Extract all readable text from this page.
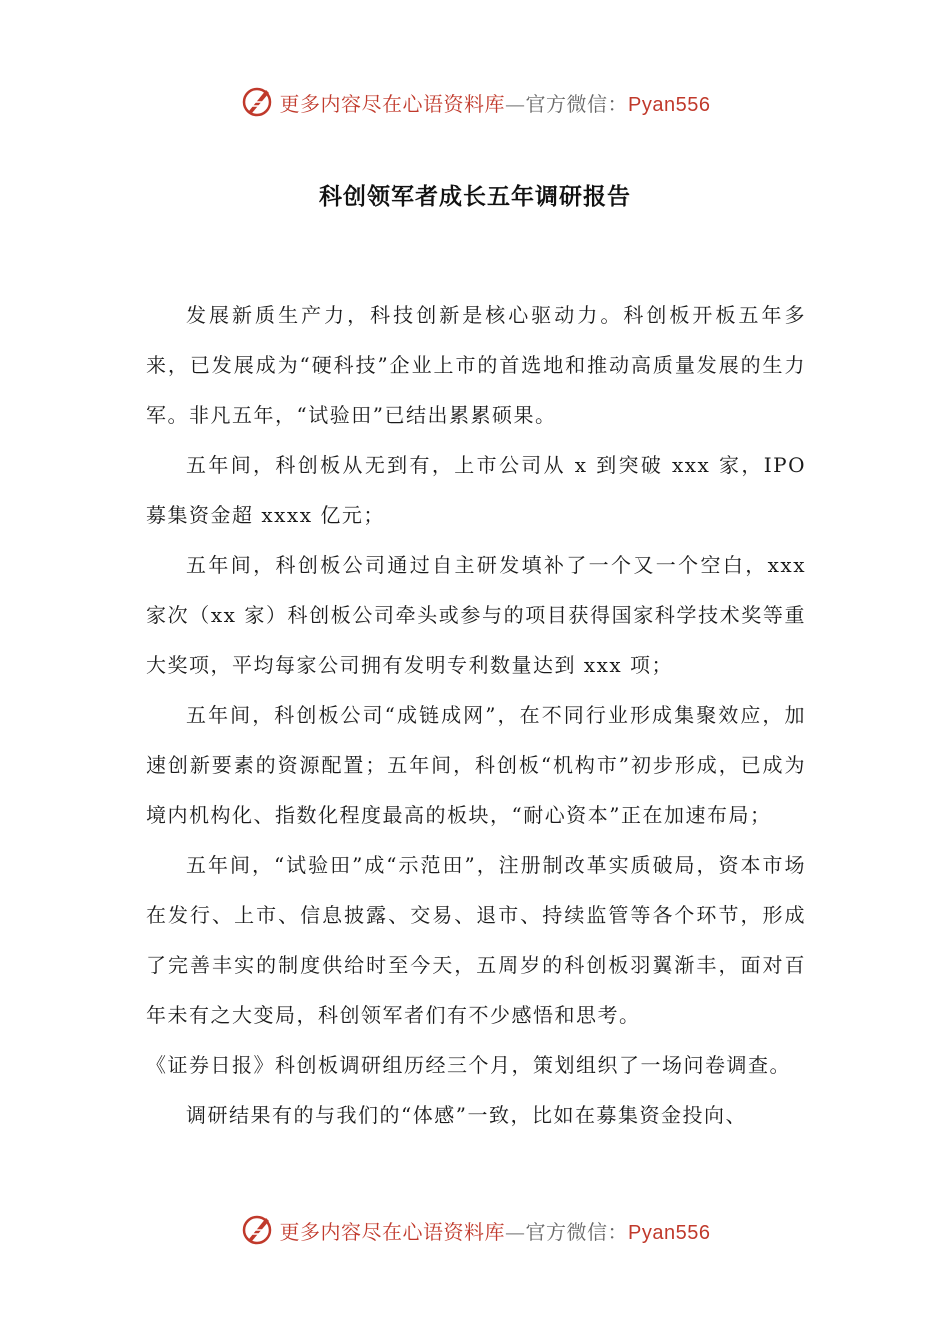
更多内容尽在心语资料库—官方微信：Pyan556
科创领军者成长五年调研报告

发展新质生产力，科技创新是核心驱动力。科创板开板五年多来，已发展成为“硬科技”企业上市的首选地和推动高质量发展的生力军。非凡五年，“试验田”已结出累累硕果。

五年间，科创板从无到有，上市公司从 x 到突破 xxx 家，IPO 募集资金超 xxxx 亿元；

五年间，科创板公司通过自主研发填补了一个又一个空白，xxx 家次（xx 家）科创板公司牵头或参与的项目获得国家科学技术奖等重大奖项，平均每家公司拥有发明专利数量达到 xxx 项；

五年间，科创板公司“成链成网”，在不同行业形成集聚效应，加速创新要素的资源配置；五年间，科创板“机构市”初步形成，已成为境内机构化、指数化程度最高的板块，“耐心资本”正在加速布局；

五年间，“试验田”成“示范田”，注册制改革实质破局，资本市场在发行、上市、信息披露、交易、退市、持续监管等各个环节，形成了完善丰实的制度供给时至今天，五周岁的科创板羽翼渐丰，面对百年未有之大变局，科创领军者们有不少感悟和思考。

《证券日报》科创板调研组历经三个月，策划组织了一场问卷调查。

调研结果有的与我们的“体感”一致，比如在募集资金投向、

更多内容尽在心语资料库—官方微信：Pyan556
